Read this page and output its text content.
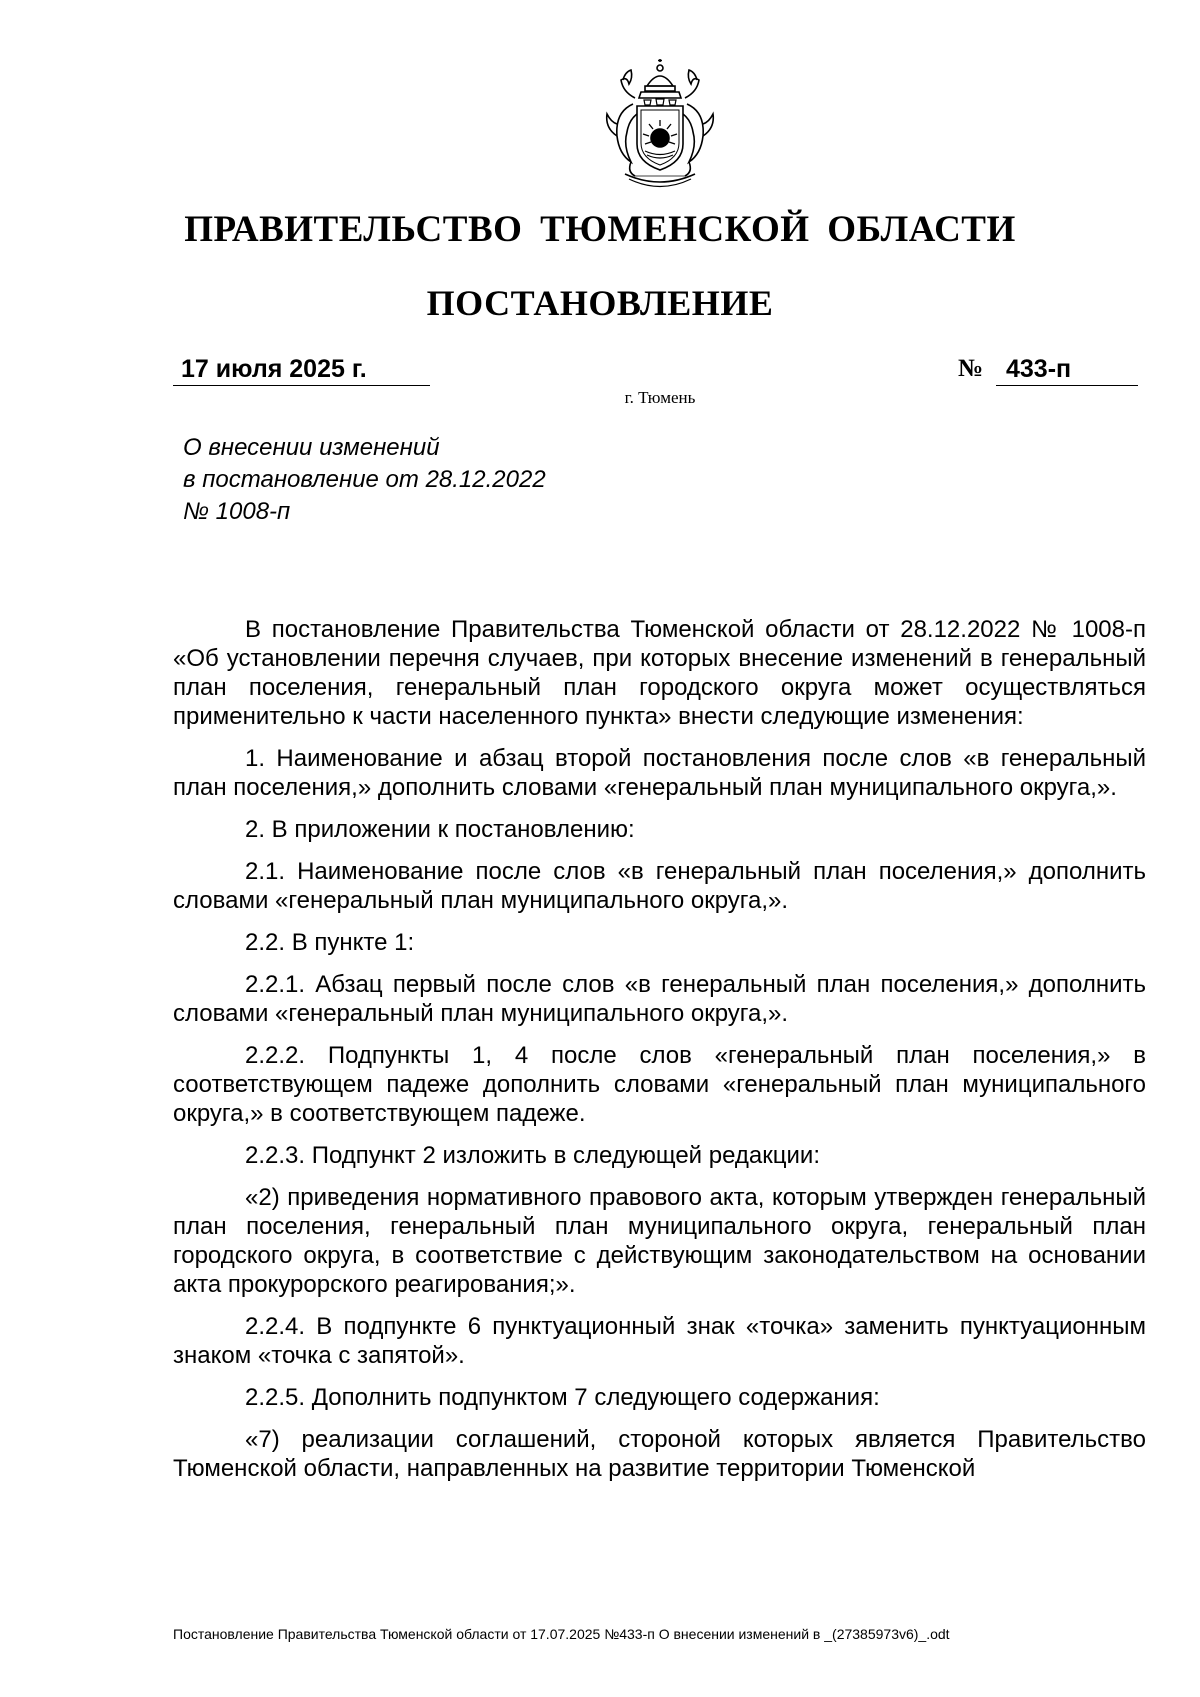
ПРАВИТЕЛЬСТВО ТЮМЕНСКОЙ ОБЛАСТИ
ПОСТАНОВЛЕНИЕ
17 июля 2025 г.	№ 433-п
г. Тюмень
О внесении изменений
в постановление от 28.12.2022
№ 1008-п

В постановление Правительства Тюменской области от 28.12.2022 № 1008-п «Об установлении перечня случаев, при которых внесение изменений в генеральный план поселения, генеральный план городского округа может осуществляться применительно к части населенного пункта» внести следующие изменения:

1. Наименование и абзац второй постановления после слов «в генеральный план поселения,» дополнить словами «генеральный план муниципального округа,».

2. В приложении к постановлению:

2.1. Наименование после слов «в генеральный план поселения,» дополнить словами «генеральный план муниципального округа,».

2.2. В пункте 1:

2.2.1. Абзац первый после слов «в генеральный план поселения,» дополнить словами «генеральный план муниципального округа,».

2.2.2. Подпункты 1, 4 после слов «генеральный план поселения,» в соответствующем падеже дополнить словами «генеральный план муниципального округа,» в соответствующем падеже.

2.2.3. Подпункт 2 изложить в следующей редакции:

«2) приведения нормативного правового акта, которым утвержден генеральный план поселения, генеральный план муниципального округа, генеральный план городского округа, в соответствие с действующим законодательством на основании акта прокурорского реагирования;».

2.2.4. В подпункте 6 пунктуационный знак «точка» заменить пунктуационным знаком «точка с запятой».

2.2.5. Дополнить подпунктом 7 следующего содержания:

«7) реализации соглашений, стороной которых является Правительство Тюменской области, направленных на развитие территории Тюменской

Постановление Правительства Тюменской области от 17.07.2025 №433-п О внесении изменений в _(27385973v6)_.odt
